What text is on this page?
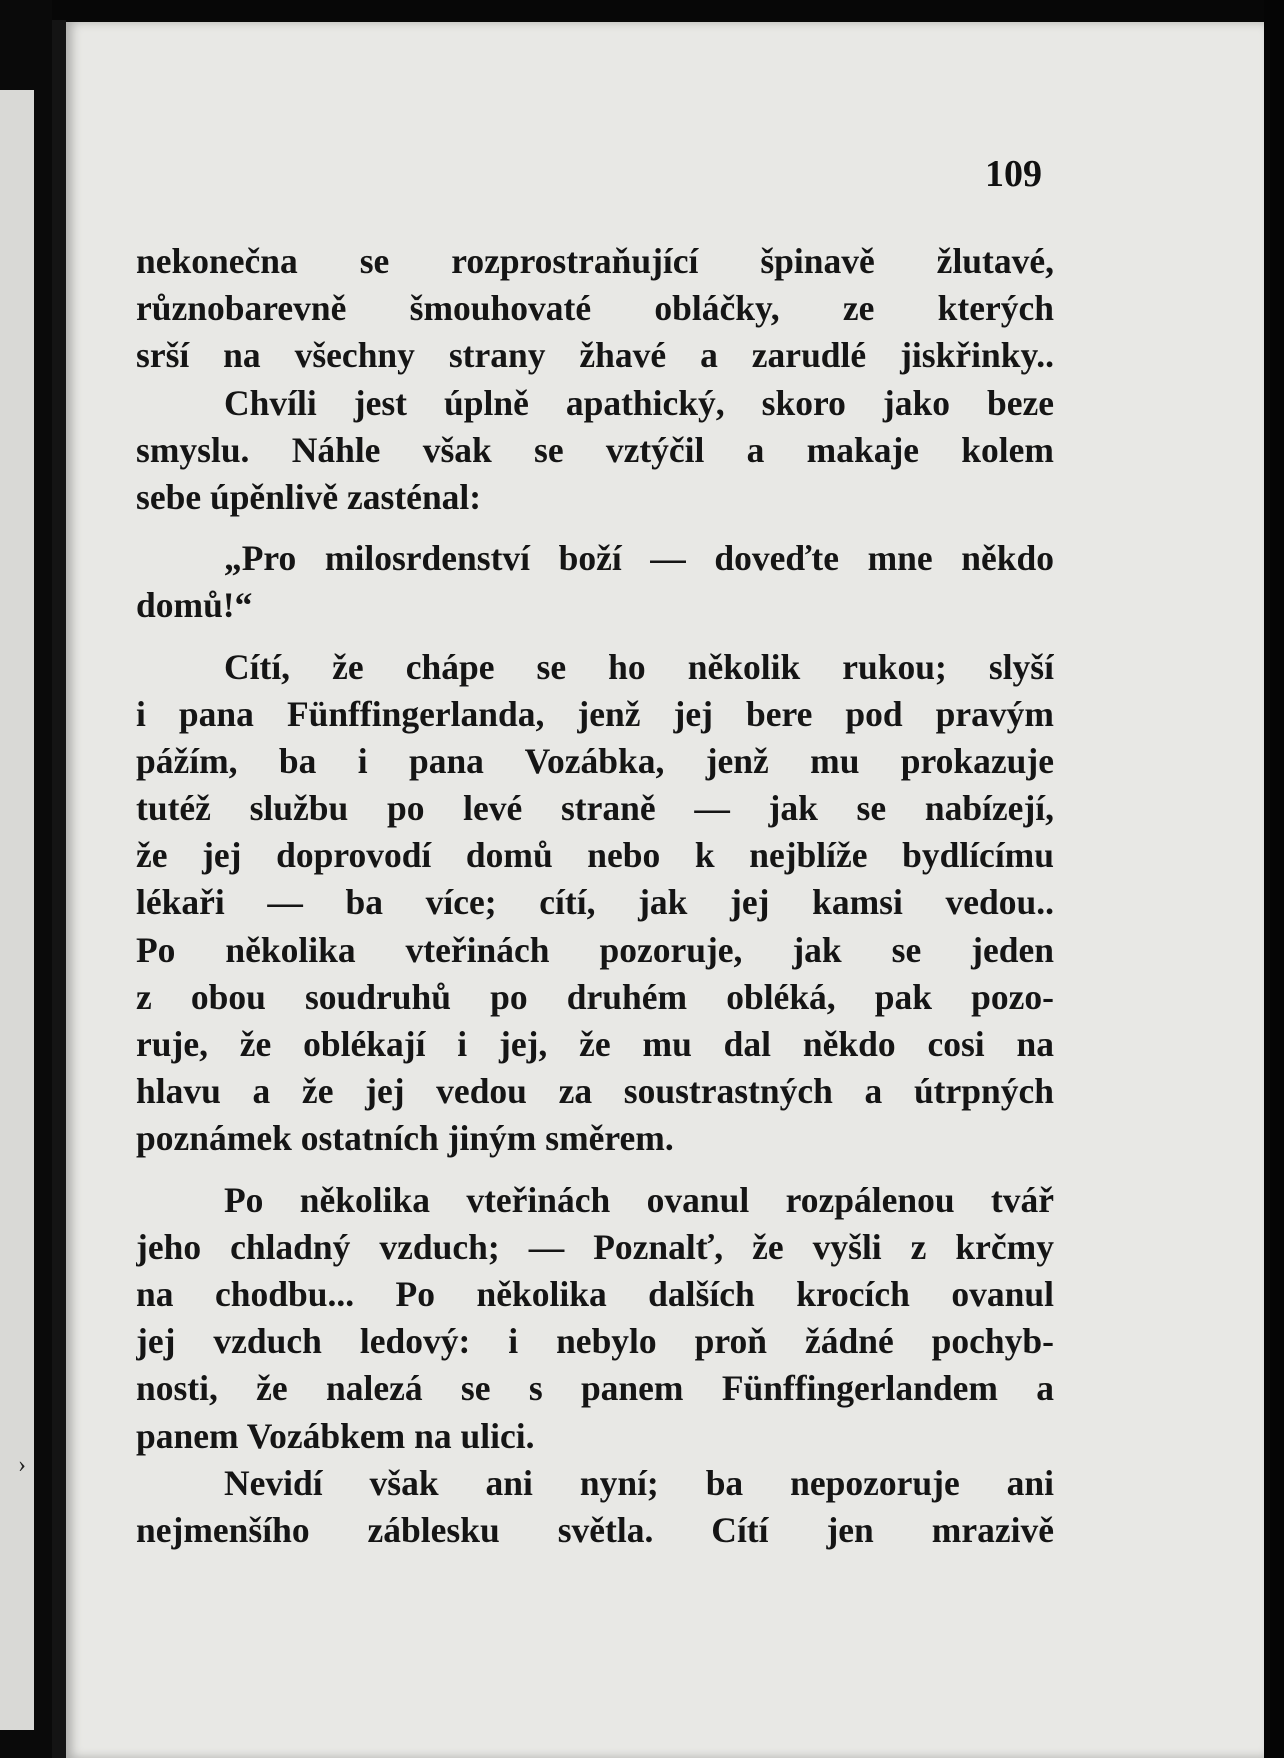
›
109
nekonečna se rozprostraňující špinavě žlutavé,
různobarevně šmouhovaté obláčky, ze kterých
srší na všechny strany žhavé a zarudlé jiskřinky..
Chvíli jest úplně apathický, skoro jako beze
smyslu. Náhle však se vztýčil a makaje kolem
sebe úpěnlivě zasténal:
„Pro milosrdenství boží — doveďte mne někdo
domů!“
Cítí, že chápe se ho několik rukou; slyší
i pana Fünffingerlanda, jenž jej bere pod pravým
pážím, ba i pana Vozábka, jenž mu prokazuje
tutéž službu po levé straně — jak se nabízejí,
že jej doprovodí domů nebo k nejblíže bydlícímu
lékaři — ba více; cítí, jak jej kamsi vedou..
Po několika vteřinách pozoruje, jak se jeden
z obou soudruhů po druhém obléká, pak pozo-
ruje, že oblékají i jej, že mu dal někdo cosi na
hlavu a že jej vedou za soustrastných a útrpných
poznámek ostatních jiným směrem.
Po několika vteřinách ovanul rozpálenou tvář
jeho chladný vzduch; — Poznalť, že vyšli z krčmy
na chodbu... Po několika dalších krocích ovanul
jej vzduch ledový: i nebylo proň žádné pochyb-
nosti, že nalezá se s panem Fünffingerlandem a
panem Vozábkem na ulici.
Nevidí však ani nyní; ba nepozoruje ani
nejmenšího záblesku světla. Cítí jen mrazivě
